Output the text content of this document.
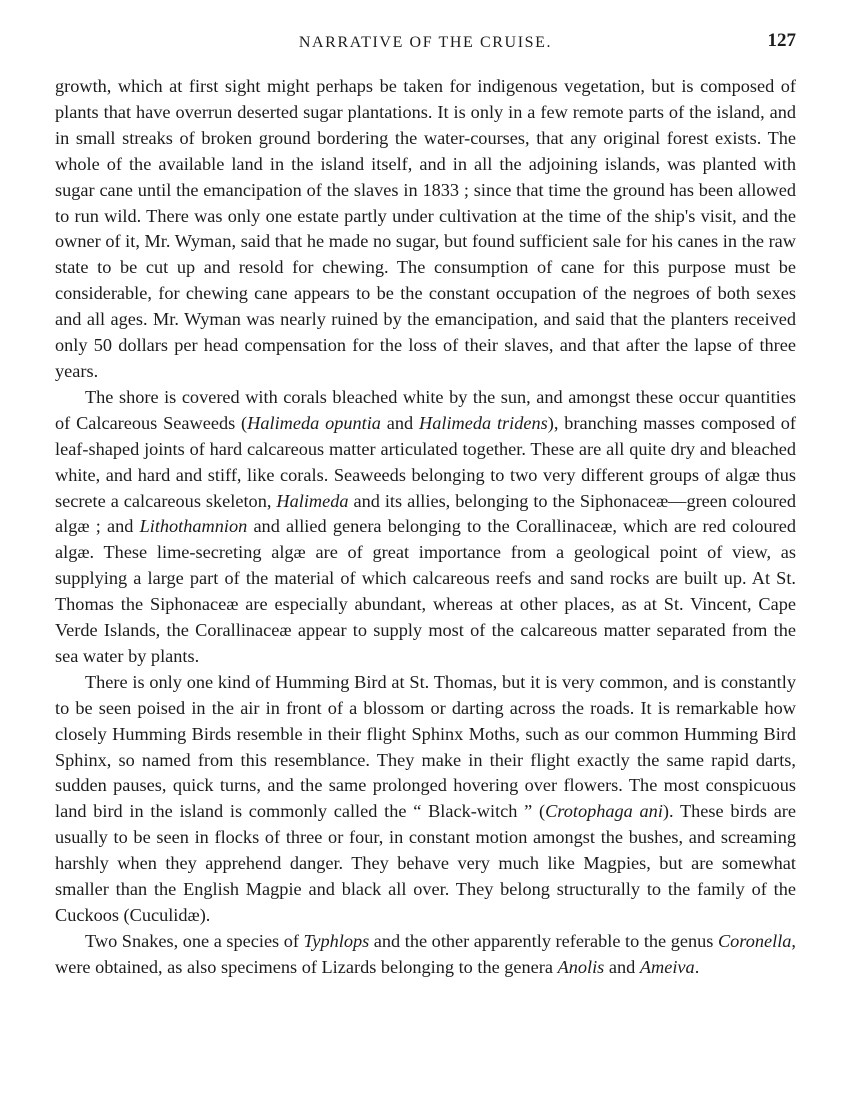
NARRATIVE OF THE CRUISE.	127

growth, which at first sight might perhaps be taken for indigenous vegetation, but is composed of plants that have overrun deserted sugar plantations. It is only in a few remote parts of the island, and in small streaks of broken ground bordering the water-courses, that any original forest exists. The whole of the available land in the island itself, and in all the adjoining islands, was planted with sugar cane until the emancipation of the slaves in 1833 ; since that time the ground has been allowed to run wild. There was only one estate partly under cultivation at the time of the ship's visit, and the owner of it, Mr. Wyman, said that he made no sugar, but found sufficient sale for his canes in the raw state to be cut up and resold for chewing. The consumption of cane for this purpose must be considerable, for chewing cane appears to be the constant occupation of the negroes of both sexes and all ages. Mr. Wyman was nearly ruined by the emancipation, and said that the planters received only 50 dollars per head compensation for the loss of their slaves, and that after the lapse of three years.

The shore is covered with corals bleached white by the sun, and amongst these occur quantities of Calcareous Seaweeds (Halimeda opuntia and Halimeda tridens), branching masses composed of leaf-shaped joints of hard calcareous matter articulated together. These are all quite dry and bleached white, and hard and stiff, like corals. Seaweeds belonging to two very different groups of algæ thus secrete a calcareous skeleton, Halimeda and its allies, belonging to the Siphonaceæ—green coloured algæ ; and Lithothamnion and allied genera belonging to the Corallinaceæ, which are red coloured algæ. These lime-secreting algæ are of great importance from a geological point of view, as supplying a large part of the material of which calcareous reefs and sand rocks are built up. At St. Thomas the Siphonaceæ are especially abundant, whereas at other places, as at St. Vincent, Cape Verde Islands, the Corallinaceæ appear to supply most of the calcareous matter separated from the sea water by plants.

There is only one kind of Humming Bird at St. Thomas, but it is very common, and is constantly to be seen poised in the air in front of a blossom or darting across the roads. It is remarkable how closely Humming Birds resemble in their flight Sphinx Moths, such as our common Humming Bird Sphinx, so named from this resemblance. They make in their flight exactly the same rapid darts, sudden pauses, quick turns, and the same prolonged hovering over flowers. The most conspicuous land bird in the island is commonly called the “ Black-witch ” (Crotophaga ani). These birds are usually to be seen in flocks of three or four, in constant motion amongst the bushes, and screaming harshly when they apprehend danger. They behave very much like Magpies, but are somewhat smaller than the English Magpie and black all over. They belong structurally to the family of the Cuckoos (Cuculidæ).

Two Snakes, one a species of Typhlops and the other apparently referable to the genus Coronella, were obtained, as also specimens of Lizards belonging to the genera Anolis and Ameiva.
